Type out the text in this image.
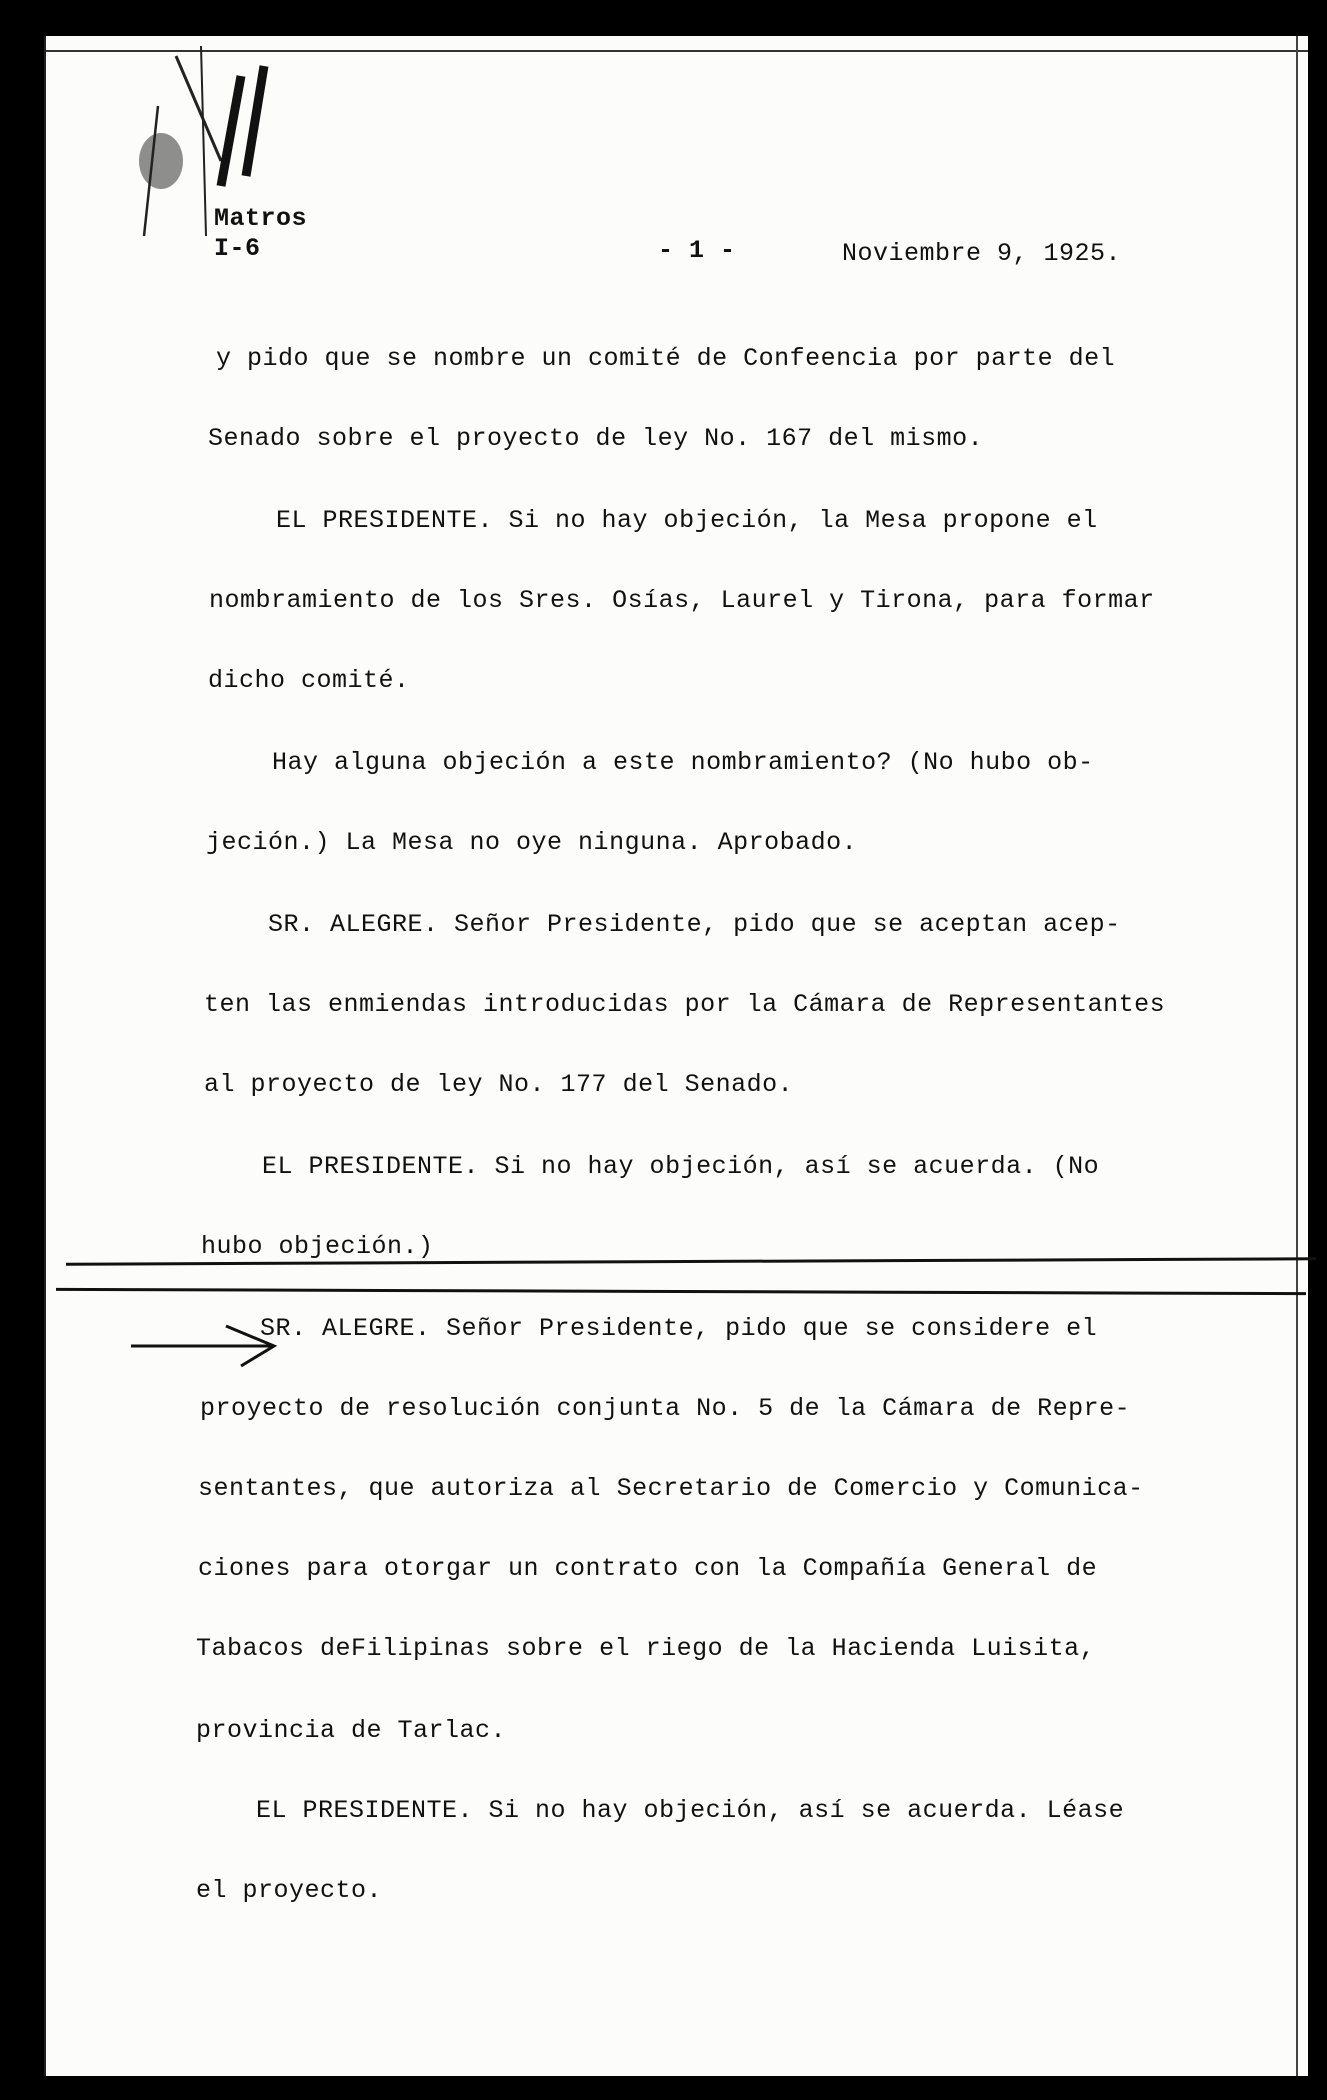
Matros
I-6	- 1 -	Noviembre 9, 1925.
y pido que se nombre un comité de Confeencia por parte del
Senado sobre el proyecto de ley No. 167 del mismo.
EL PRESIDENTE. Si no hay objeción, la Mesa propone el
nombramiento de los Sres. Osías, Laurel y Tirona, para formar
dicho comité.
Hay alguna objeción a este nombramiento? (No hubo ob-
jeción.) La Mesa no oye ninguna. Aprobado.
SR. ALEGRE. Señor Presidente, pido que se aceptan acep-
ten las enmiendas introducidas por la Cámara de Representantes
al proyecto de ley No. 177 del Senado.
EL PRESIDENTE. Si no hay objeción, así se acuerda. (No
hubo objeción.)
SR. ALEGRE. Señor Presidente, pido que se considere el
proyecto de resolución conjunta No. 5 de la Cámara de Repre-
sentantes, que autoriza al Secretario de Comercio y Comunica-
ciones para otorgar un contrato con la Compañía General de
Tabacos deFilipinas sobre el riego de la Hacienda Luisita,
provincia de Tarlac.
EL PRESIDENTE. Si no hay objeción, así se acuerda. Léase
el proyecto.
